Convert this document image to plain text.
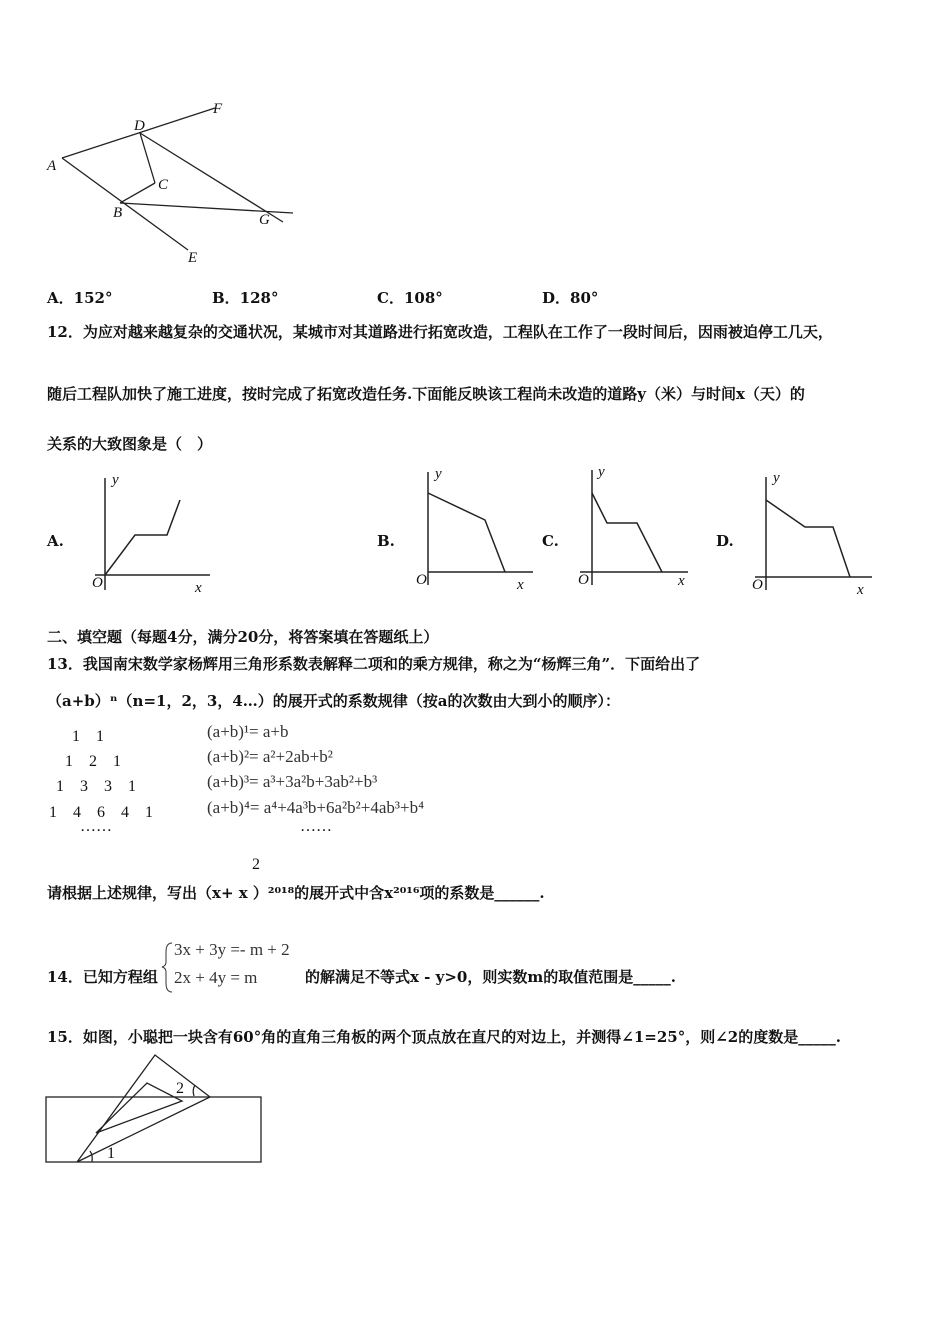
A
B
C
D
E
F
G
A．152°	B．128°	C．108°	D．80°
12．为应对越来越复杂的交通状况，某城市对其道路进行拓宽改造，工程队在工作了一段时间后，因雨被迫停工几天，
随后工程队加快了施工进度，按时完成了拓宽改造任务.下面能反映该工程尚未改造的道路y（米）与时间x（天）的
关系的大致图象是（　）
A.
y
x
O
B.
y
x
O
C.
y
x
O
D.
y
x
O
二、填空题（每题4分，满分20分，将答案填在答题纸上）
13．我国南宋数学家杨辉用三角形系数表解释二项和的乘方规律，称之为“杨辉三角”．下面给出了
（a+b）ⁿ（n=1，2，3，4…）的展开式的系数规律（按a的次数由大到小的顺序）：
1　1
1　2　1
1　3　3　1
1　4　6　4　1
……
(a+b)¹= a+b
(a+b)²= a²+2ab+b²
(a+b)³= a³+3a²b+3ab²+b³
(a+b)⁴= a⁴+4a³b+6a²b²+4ab³+b⁴
……
2
请根据上述规律，写出（x+ x ）²⁰¹⁸的展开式中含x²⁰¹⁶项的系数是______.
14．已知方程组
3x + 3y =- m + 2
2x + 4y = m	的解满足不等式x - y>0，则实数m的取值范围是_____.
15．如图，小聪把一块含有60°角的直角三角板的两个顶点放在直尺的对边上，并测得∠1=25°，则∠2的度数是_____.
1
2
